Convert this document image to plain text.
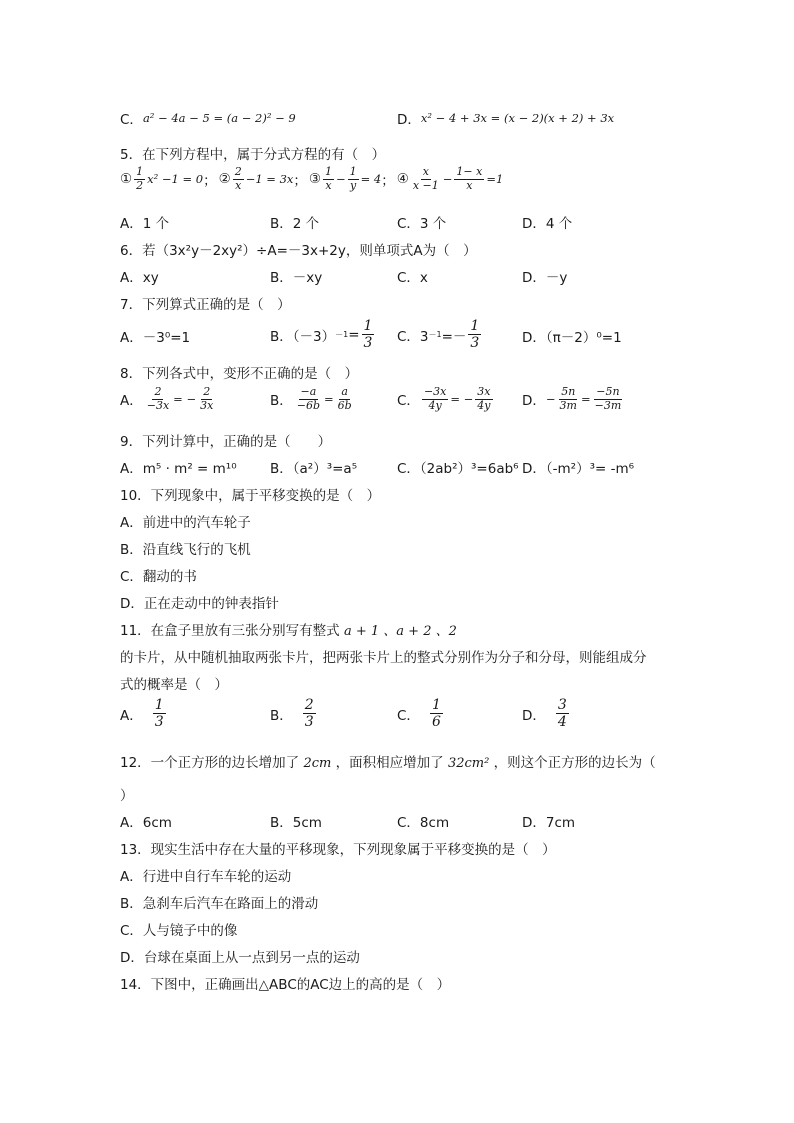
C． a² − 4a − 5 = (a − 2)² − 9	D． x² − 4 + 3x = (x − 2)(x + 2) + 3x
5．在下列方程中，属于分式方程的有（　）
① $\frac{1}{2} x^2 -1 = 0$ ； ② $\frac{2}{x} -1 = 3x$ ； ③ $\frac{1}{x} - \frac{1}{y} = 4$ ； ④ $\frac{x}{x -1} - \frac{1- x}{x} =1$
A．1 个	B．2 个	C．3 个	D．4 个
6．若（3x²y－2xy²）÷A=－3x+2y，则单项式A为（　）
A．xy	B．－xy	C．x	D．－y
7．下列算式正确的是（　）
A．－3⁰=1	B．$(-3) -1 = \frac{1}{3}$ C．$3 -1 =- \frac{1}{3}$	D．（π－2）⁰=1
8．下列各式中，变形不正确的是（　）
A． $\frac{2}{-3x}$ = − $\frac{2}{3x}$	B． $\frac{-a}{-6b} = \frac{a}{6b}$	C． $\frac{-3x}{4y}$ = − $\frac{3x}{4y}$ D． − $\frac{5n}{3m} = \frac{-5n}{-3m}$
9．下列计算中，正确的是（　　）
A．m⁵ · m² = m¹⁰ B．（a²）³=a⁵	C．（2ab²）³=6ab⁶ D．（-m²）³= -m⁶
10．下列现象中，属于平移变换的是（　）
A．前进中的汽车轮子
B．沿直线飞行的飞机
C．翻动的书
D．正在走动中的钟表指针
11．在盒子里放有三张分别写有整式 a + 1 、a + 2 、2
的卡片，从中随机抽取两张卡片，把两张卡片上的整式分别作为分子和分母，则能组成分
式的概率是（　）
A． $\frac{1}{3}$	B． $\frac{2}{3}$	C． $\frac{1}{6}$	D． $\frac{3}{4}$
12．一个正方形的边长增加了 2cm ，面积相应增加了 32cm² ，则这个正方形的边长为（
）
A．6cm	B．5cm	C．8cm	D．7cm
13．现实生活中存在大量的平移现象，下列现象属于平移变换的是（　）
A．行进中自行车车轮的运动
B．急刹车后汽车在路面上的滑动
C．人与镜子中的像
D．台球在桌面上从一点到另一点的运动
14．下图中，正确画出△ABC的AC边上的高的是（　）
